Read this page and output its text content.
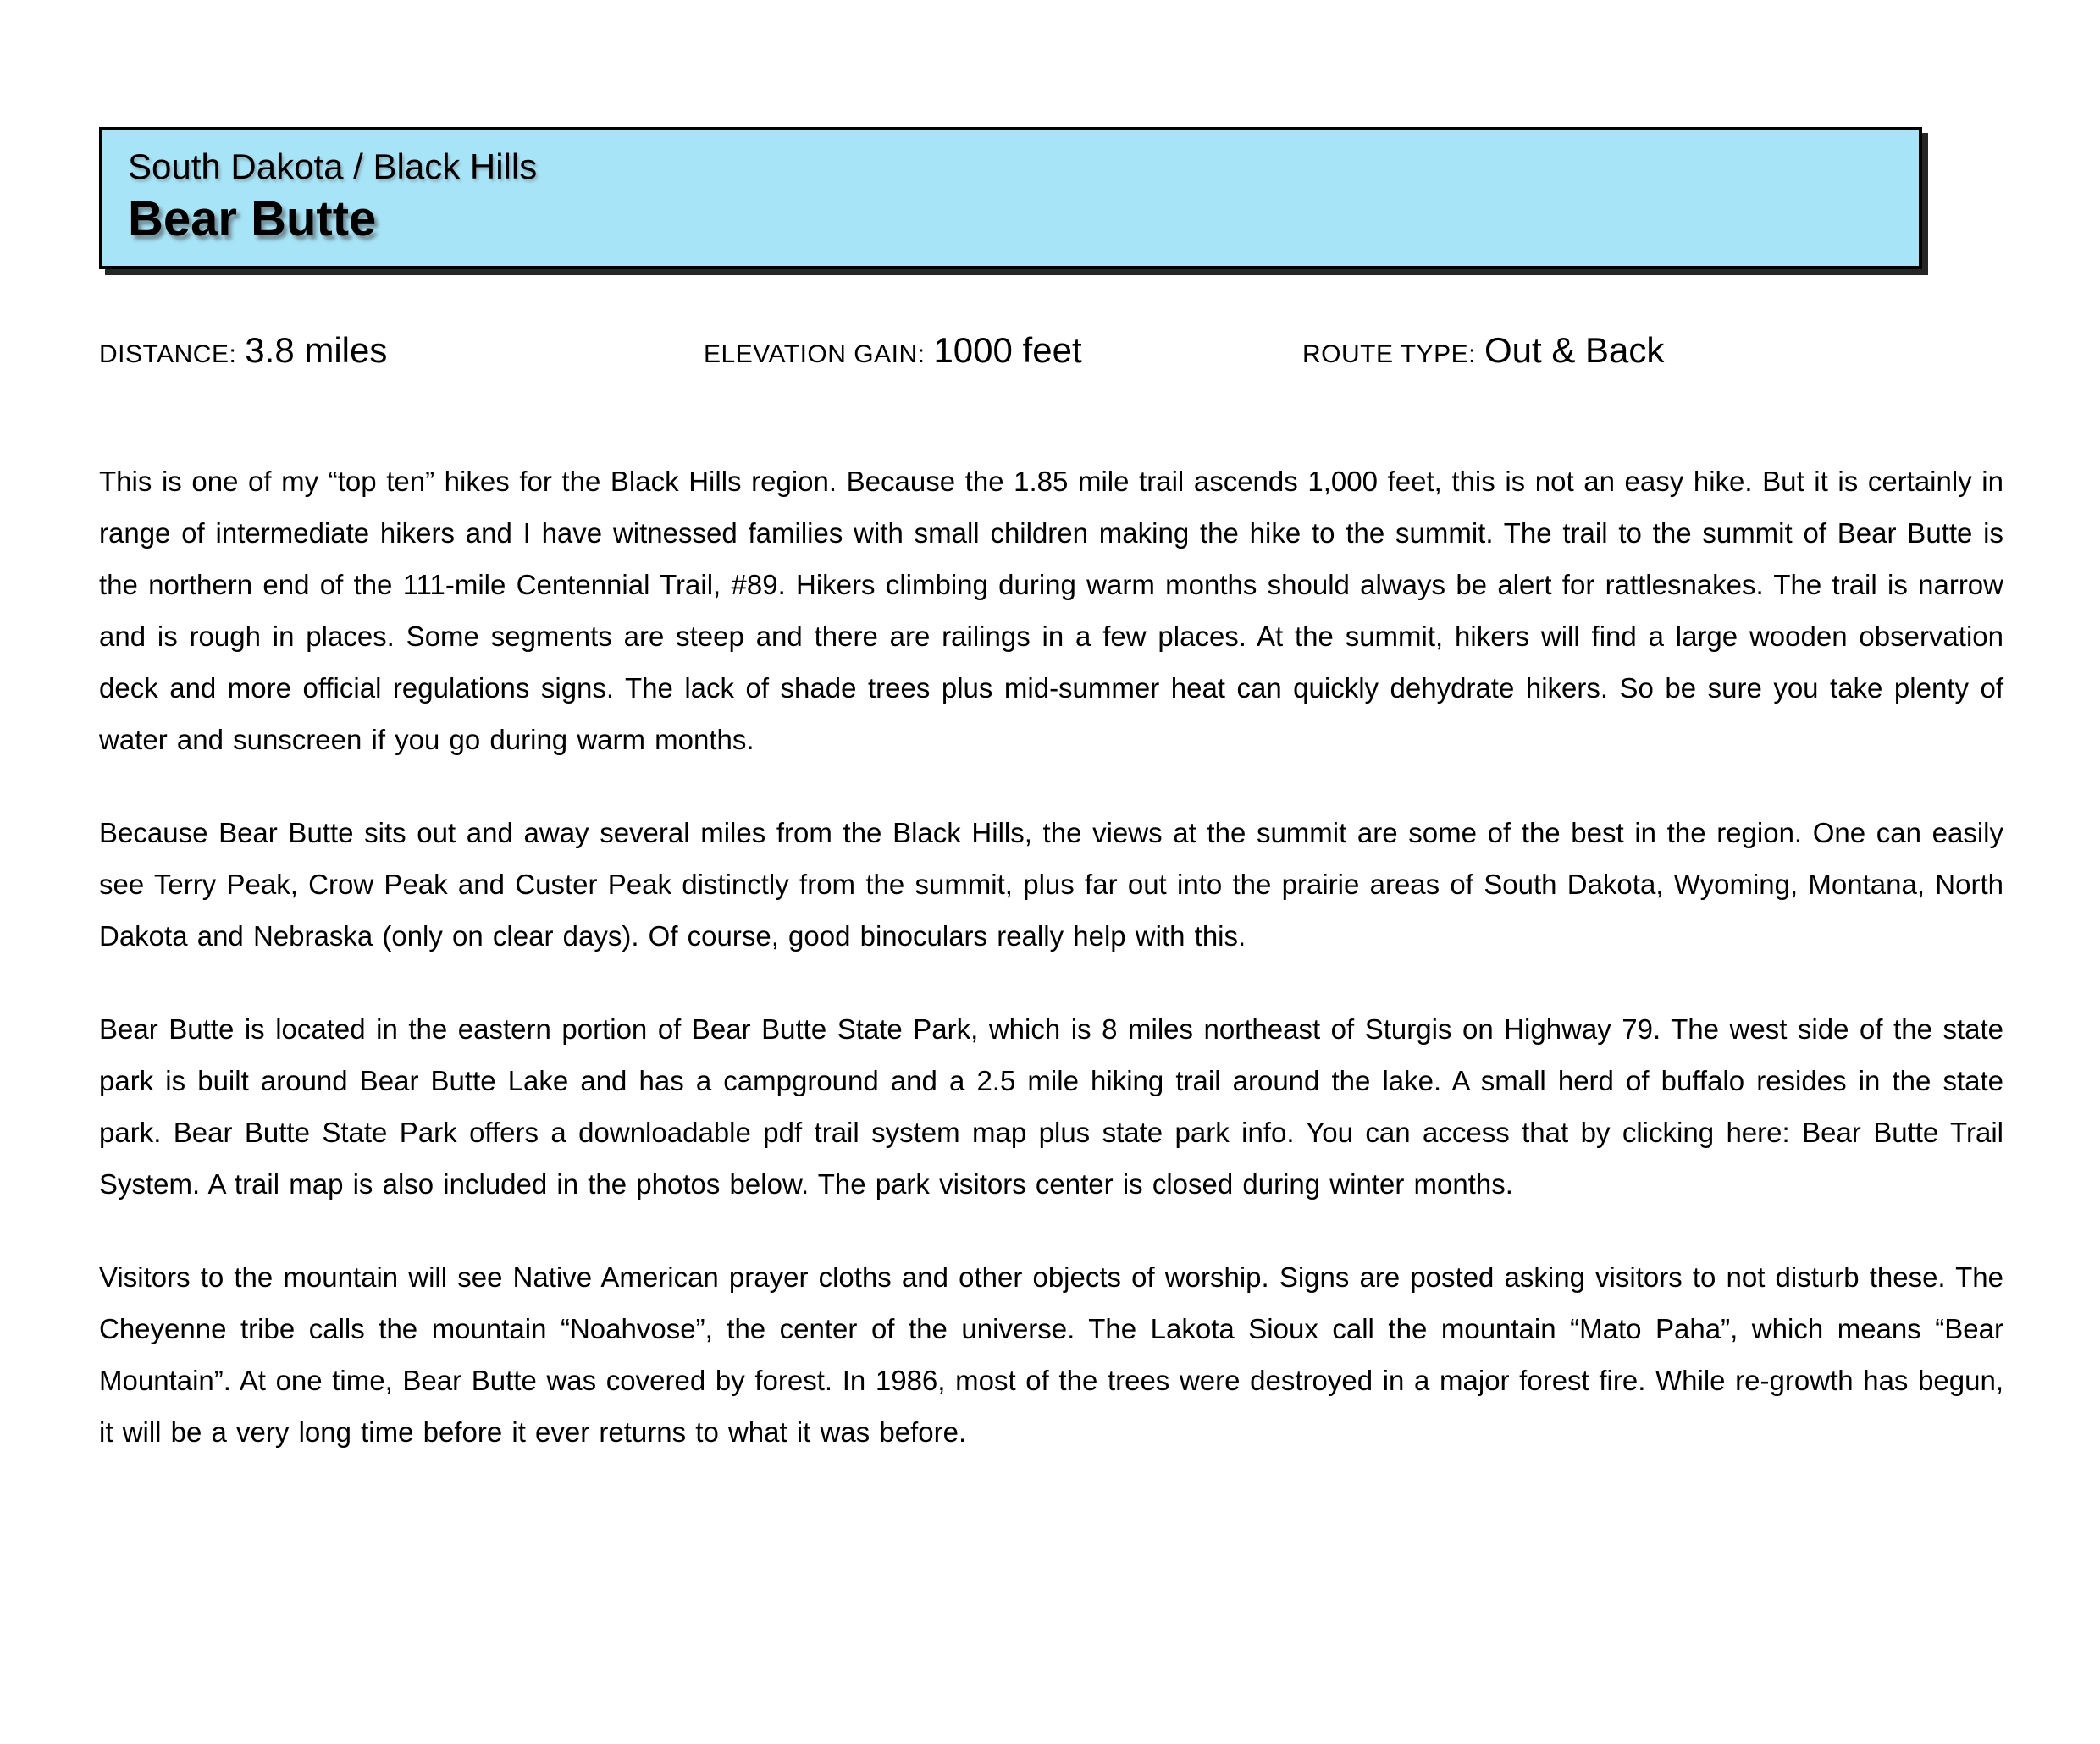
South Dakota / Black Hills
Bear Butte
DISTANCE: 3.8 miles	ELEVATION GAIN: 1000 feet	ROUTE TYPE: Out & Back

This is one of my “top ten” hikes for the Black Hills region. Because the 1.85 mile trail ascends 1,000 feet, this is not an easy hike. But it is certainly in range of intermediate hikers and I have witnessed families with small children making the hike to the summit. The trail to the summit of Bear Butte is the northern end of the 111-mile Centennial Trail, #89. Hikers climbing during warm months should always be alert for rattlesnakes. The trail is narrow and is rough in places. Some segments are steep and there are railings in a few places. At the summit, hikers will find a large wooden observation deck and more official regulations signs. The lack of shade trees plus mid-summer heat can quickly dehydrate hikers. So be sure you take plenty of water and sunscreen if you go during warm months.

Because Bear Butte sits out and away several miles from the Black Hills, the views at the summit are some of the best in the region. One can easily see Terry Peak, Crow Peak and Custer Peak distinctly from the summit, plus far out into the prairie areas of South Dakota, Wyoming, Montana, North Dakota and Nebraska (only on clear days). Of course, good binoculars really help with this.

Bear Butte is located in the eastern portion of Bear Butte State Park, which is 8 miles northeast of Sturgis on Highway 79. The west side of the state park is built around Bear Butte Lake and has a campground and a 2.5 mile hiking trail around the lake. A small herd of buffalo resides in the state park. Bear Butte State Park offers a downloadable pdf trail system map plus state park info. You can access that by clicking here: Bear Butte Trail System. A trail map is also included in the photos below. The park visitors center is closed during winter months.

Visitors to the mountain will see Native American prayer cloths and other objects of worship. Signs are posted asking visitors to not disturb these. The Cheyenne tribe calls the mountain “Noahvose”, the center of the universe. The Lakota Sioux call the mountain “Mato Paha”, which means “Bear Mountain”. At one time, Bear Butte was covered by forest. In 1986, most of the trees were destroyed in a major forest fire. While re-growth has begun, it will be a very long time before it ever returns to what it was before.
